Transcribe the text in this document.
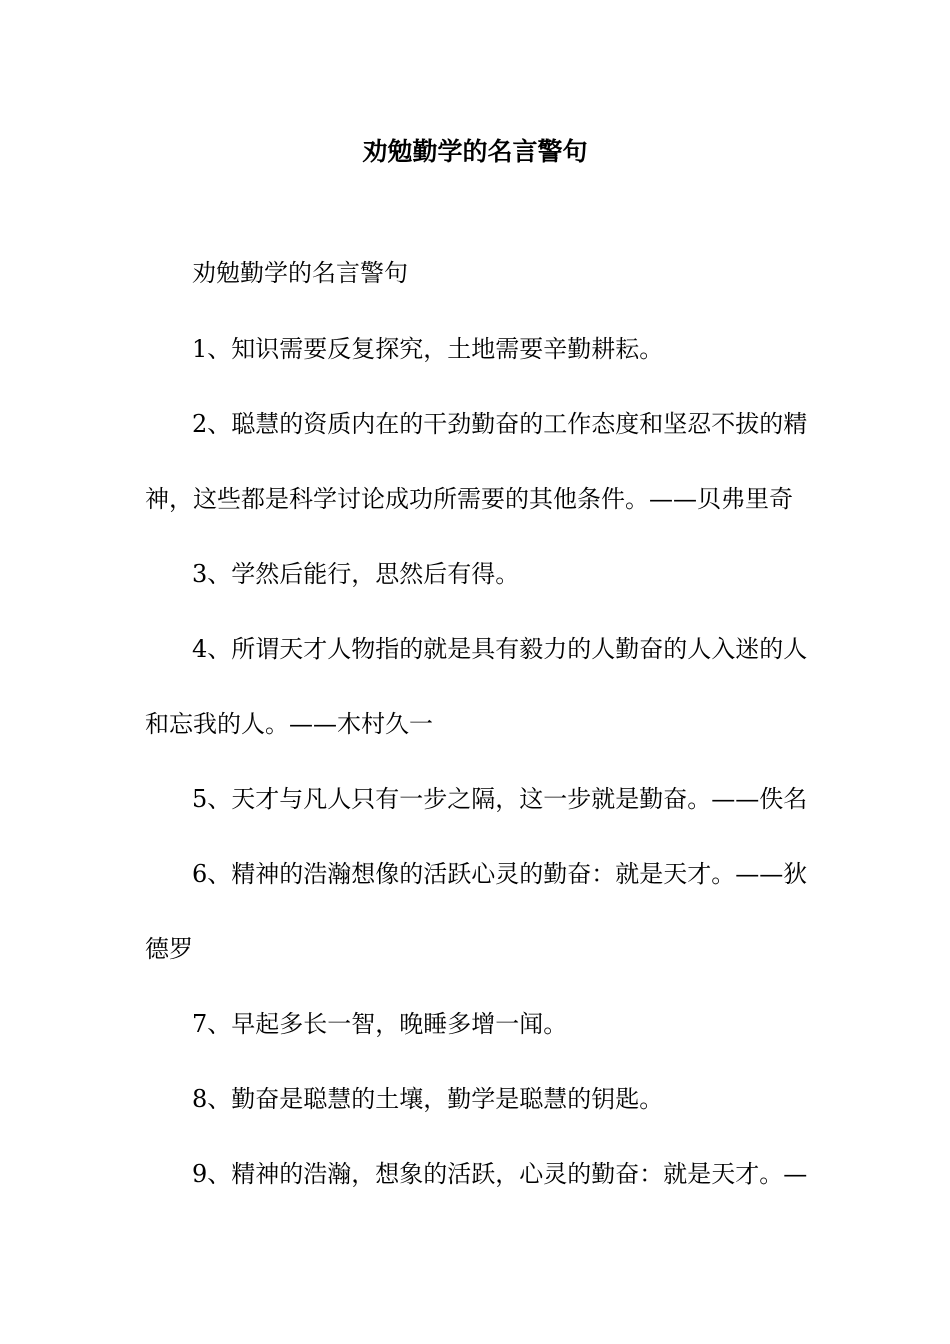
劝勉勤学的名言警句
劝勉勤学的名言警句
1、知识需要反复探究，土地需要辛勤耕耘。
2、聪慧的资质内在的干劲勤奋的工作态度和坚忍不拔的精
神，这些都是科学讨论成功所需要的其他条件。——贝弗里奇
3、学然后能行，思然后有得。
4、所谓天才人物指的就是具有毅力的人勤奋的人入迷的人
和忘我的人。——木村久一
5、天才与凡人只有一步之隔，这一步就是勤奋。——佚名
6、精神的浩瀚想像的活跃心灵的勤奋：就是天才。——狄
德罗
7、早起多长一智，晚睡多增一闻。
8、勤奋是聪慧的土壤，勤学是聪慧的钥匙。
9、精神的浩瀚，想象的活跃，心灵的勤奋：就是天才。—
